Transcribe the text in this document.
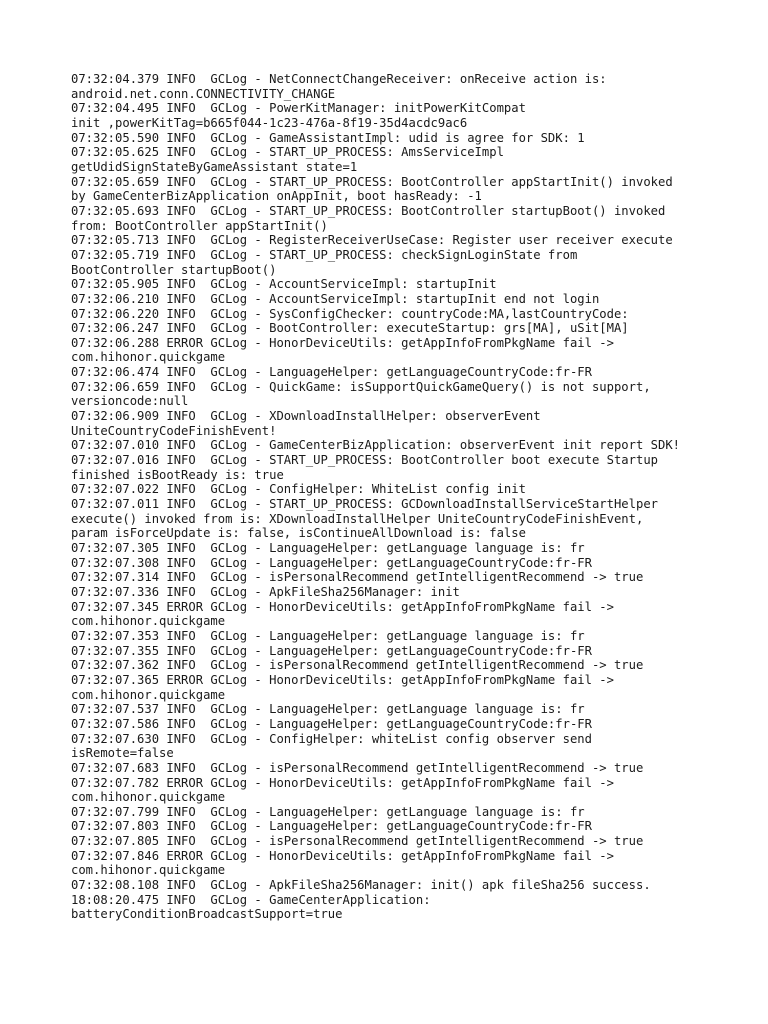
07:32:04.379 INFO  GCLog - NetConnectChangeReceiver: onReceive action is:
android.net.conn.CONNECTIVITY_CHANGE
07:32:04.495 INFO  GCLog - PowerKitManager: initPowerKitCompat
init ,powerKitTag=b665f044-1c23-476a-8f19-35d4acdc9ac6
07:32:05.590 INFO  GCLog - GameAssistantImpl: udid is agree for SDK: 1
07:32:05.625 INFO  GCLog - START_UP_PROCESS: AmsServiceImpl
getUdidSignStateByGameAssistant state=1
07:32:05.659 INFO  GCLog - START_UP_PROCESS: BootController appStartInit() invoked
by GameCenterBizApplication onAppInit, boot hasReady: -1
07:32:05.693 INFO  GCLog - START_UP_PROCESS: BootController startupBoot() invoked
from: BootController appStartInit()
07:32:05.713 INFO  GCLog - RegisterReceiverUseCase: Register user receiver execute
07:32:05.719 INFO  GCLog - START_UP_PROCESS: checkSignLoginState from
BootController startupBoot()
07:32:05.905 INFO  GCLog - AccountServiceImpl: startupInit
07:32:06.210 INFO  GCLog - AccountServiceImpl: startupInit end not login
07:32:06.220 INFO  GCLog - SysConfigChecker: countryCode:MA,lastCountryCode:
07:32:06.247 INFO  GCLog - BootController: executeStartup: grs[MA], uSit[MA]
07:32:06.288 ERROR GCLog - HonorDeviceUtils: getAppInfoFromPkgName fail ->
com.hihonor.quickgame
07:32:06.474 INFO  GCLog - LanguageHelper: getLanguageCountryCode:fr-FR
07:32:06.659 INFO  GCLog - QuickGame: isSupportQuickGameQuery() is not support,
versioncode:null
07:32:06.909 INFO  GCLog - XDownloadInstallHelper: observerEvent
UniteCountryCodeFinishEvent!
07:32:07.010 INFO  GCLog - GameCenterBizApplication: observerEvent init report SDK!
07:32:07.016 INFO  GCLog - START_UP_PROCESS: BootController boot execute Startup
finished isBootReady is: true
07:32:07.022 INFO  GCLog - ConfigHelper: WhiteList config init
07:32:07.011 INFO  GCLog - START_UP_PROCESS: GCDownloadInstallServiceStartHelper
execute() invoked from is: XDownloadInstallHelper UniteCountryCodeFinishEvent,
param isForceUpdate is: false, isContinueAllDownload is: false
07:32:07.305 INFO  GCLog - LanguageHelper: getLanguage language is: fr
07:32:07.308 INFO  GCLog - LanguageHelper: getLanguageCountryCode:fr-FR
07:32:07.314 INFO  GCLog - isPersonalRecommend getIntelligentRecommend -> true
07:32:07.336 INFO  GCLog - ApkFileSha256Manager: init
07:32:07.345 ERROR GCLog - HonorDeviceUtils: getAppInfoFromPkgName fail ->
com.hihonor.quickgame
07:32:07.353 INFO  GCLog - LanguageHelper: getLanguage language is: fr
07:32:07.355 INFO  GCLog - LanguageHelper: getLanguageCountryCode:fr-FR
07:32:07.362 INFO  GCLog - isPersonalRecommend getIntelligentRecommend -> true
07:32:07.365 ERROR GCLog - HonorDeviceUtils: getAppInfoFromPkgName fail ->
com.hihonor.quickgame
07:32:07.537 INFO  GCLog - LanguageHelper: getLanguage language is: fr
07:32:07.586 INFO  GCLog - LanguageHelper: getLanguageCountryCode:fr-FR
07:32:07.630 INFO  GCLog - ConfigHelper: whiteList config observer send
isRemote=false
07:32:07.683 INFO  GCLog - isPersonalRecommend getIntelligentRecommend -> true
07:32:07.782 ERROR GCLog - HonorDeviceUtils: getAppInfoFromPkgName fail ->
com.hihonor.quickgame
07:32:07.799 INFO  GCLog - LanguageHelper: getLanguage language is: fr
07:32:07.803 INFO  GCLog - LanguageHelper: getLanguageCountryCode:fr-FR
07:32:07.805 INFO  GCLog - isPersonalRecommend getIntelligentRecommend -> true
07:32:07.846 ERROR GCLog - HonorDeviceUtils: getAppInfoFromPkgName fail ->
com.hihonor.quickgame
07:32:08.108 INFO  GCLog - ApkFileSha256Manager: init() apk fileSha256 success.
18:08:20.475 INFO  GCLog - GameCenterApplication:
batteryConditionBroadcastSupport=true
